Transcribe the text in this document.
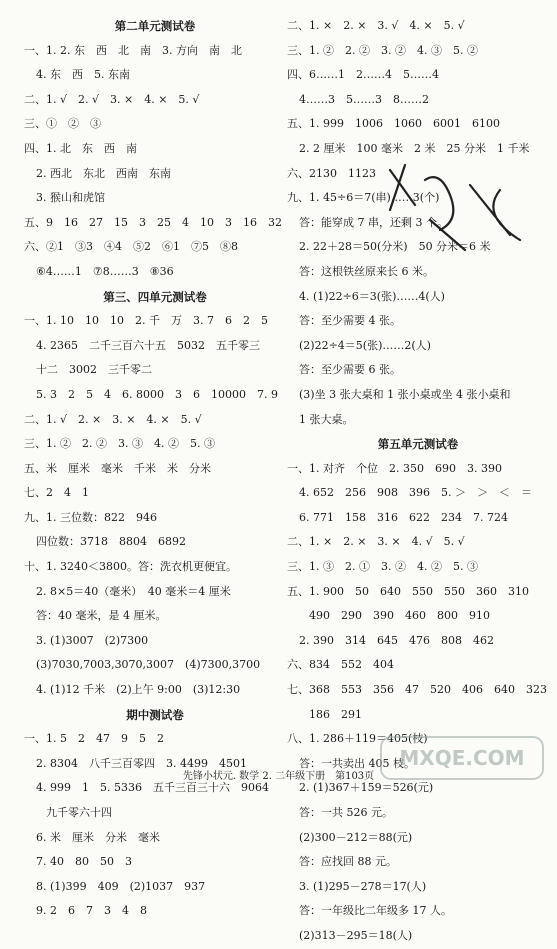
第二单元测试卷
一、1. 2. 东　西　北　南　3. 方向　南　北
4. 东　西　5. 东南
二、1. √　2. √　3. ×　4. ×　5. √
三、①　②　③
四、1. 北　东　西　南
2. 西北　东北　西南　东南
3. 猴山和虎馆
五、9　16　27　15　3　25　4　10　3　16　32
六、②1　③3　④4　⑤2　⑥1　⑦5　⑧8
⑥4……1　⑦8……3　⑧36
第三、四单元测试卷
一、1. 10　10　10　2. 千　万　3. 7　6　2　5
4. 2365　二千三百六十五　5032　五千零三
十二　3002　三千零二
5. 3　2　5　4　6. 8000　3　6　10000　7. 9
二、1. √　2. ×　3. ×　4. ×　5. √
三、1. ②　2. ②　3. ③　4. ②　5. ③
五、米　厘米　毫米　千米　米　分米
七、2　4　1
九、1. 三位数：822　946
四位数：3718　8804　6892
十、1. 3240＜3800。答：洗衣机更便宜。
2. 8×5＝40（毫米）　40 毫米＝4 厘米
答：40 毫米，是 4 厘米。
3. (1)3007　(2)7300
(3)7030,7003,3070,3007　(4)7300,3700
4. (1)12 千米　(2)上午 9:00　(3)12:30
期中测试卷
一、1. 5　2　47　9　5　2
2. 8304　八千三百零四　3. 4499　4501
4. 999　1　5. 5336　五千三百三十六　9064
九千零六十四
6. 米　厘米　分米　毫米
7. 40　80　50　3
8. (1)399　409　(2)1037　937
9. 2　6　7　3　4　8
二、1. ×　2. ×　3. √　4. ×　5. √
三、1. ②　2. ②　3. ②　4. ③　5. ②
四、6……1　2……4　5……4
4……3　5……3　8……2
五、1. 999　1006　1060　6001　6100
2. 2 厘米　100 毫米　2 米　25 分米　1 千米
六、2130　1123
九、1. 45÷6＝7(串)……3(个)
答：能穿成 7 串，还剩 3 个。
2. 22＋28＝50(分米)　50 分米＝6 米
答：这根铁丝原来长 6 米。
4. (1)22÷6＝3(张)……4(人)
答：至少需要 4 张。
(2)22÷4＝5(张)……2(人)
答：至少需要 6 张。
(3)坐 3 张大桌和 1 张小桌或坐 4 张小桌和
1 张大桌。
第五单元测试卷
一、1. 对齐　个位　2. 350　690　3. 390
4. 652　256　908　396　5. ＞　＞　＜　＝
6. 771　158　316　622　234　7. 724
二、1. ×　2. ×　3. ×　4. √　5. √
三、1. ③　2. ①　3. ②　4. ②　5. ③
五、1. 900　50　640　550　550　360　310
490　290　390　460　800　910
2. 390　314　645　476　808　462
六、834　552　404
七、368　553　356　47　520　406　640　323
186　291
八、1. 286＋119＝405(枝)
答：一共卖出 405 枝。
2. (1)367＋159＝526(元)
答：一共 526 元。
(2)300－212＝88(元)
答：应找回 88 元。
3. (1)295－278＝17(人)
答：一年级比二年级多 17 人。
(2)313－295＝18(人)
MXQE.COM
先锋小状元. 数学 2. 二年级下册　第103页
